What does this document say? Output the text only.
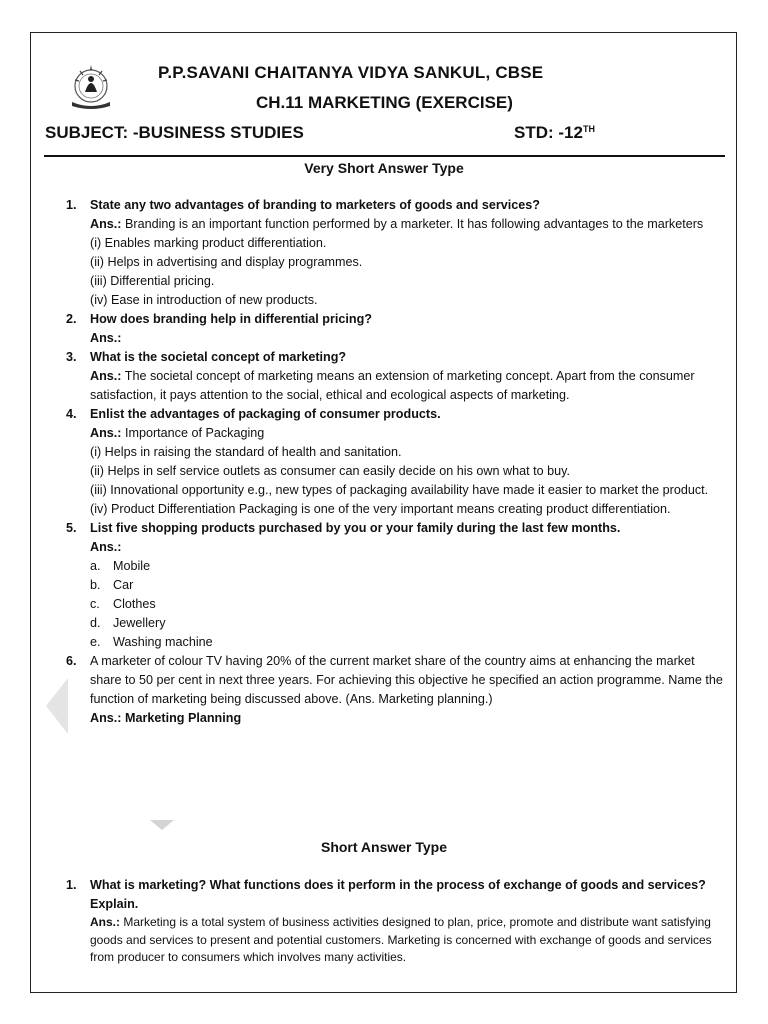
P.P.SAVANI CHAITANYA VIDYA SANKUL, CBSE
CH.11 MARKETING (EXERCISE)
SUBJECT: -BUSINESS STUDIES	STD: -12TH
Very Short Answer Type
1. State any two advantages of branding to marketers of goods and services?
Ans.: Branding is an important function performed by a marketer. It has following advantages to the marketers
(i) Enables marking product differentiation.
(ii) Helps in advertising and display programmes.
(iii) Differential pricing.
(iv) Ease in introduction of new products.
2. How does branding help in differential pricing?
Ans.:
3. What is the societal concept of marketing?
Ans.: The societal concept of marketing means an extension of marketing concept. Apart from the consumer satisfaction, it pays attention to the social, ethical and ecological aspects of marketing.
4. Enlist the advantages of packaging of consumer products.
Ans.: Importance of Packaging
(i) Helps in raising the standard of health and sanitation.
(ii) Helps in self service outlets as consumer can easily decide on his own what to buy.
(iii) Innovational opportunity e.g., new types of packaging availability have made it easier to market the product.
(iv) Product Differentiation Packaging is one of the very important means creating product differentiation.
5. List five shopping products purchased by you or your family during the last few months.
Ans.:
a. Mobile
b. Car
c. Clothes
d. Jewellery
e. Washing machine
6. A marketer of colour TV having 20% of the current market share of the country aims at enhancing the market share to 50 per cent in next three years. For achieving this objective he specified an action programme. Name the function of marketing being discussed above. (Ans. Marketing planning.)
Ans.: Marketing Planning
Short Answer Type
1. What is marketing? What functions does it perform in the process of exchange of goods and services? Explain.
Ans.: Marketing is a total system of business activities designed to plan, price, promote and distribute want satisfying goods and services to present and potential customers. Marketing is concerned with exchange of goods and services from producer to consumers which involves many activities.
